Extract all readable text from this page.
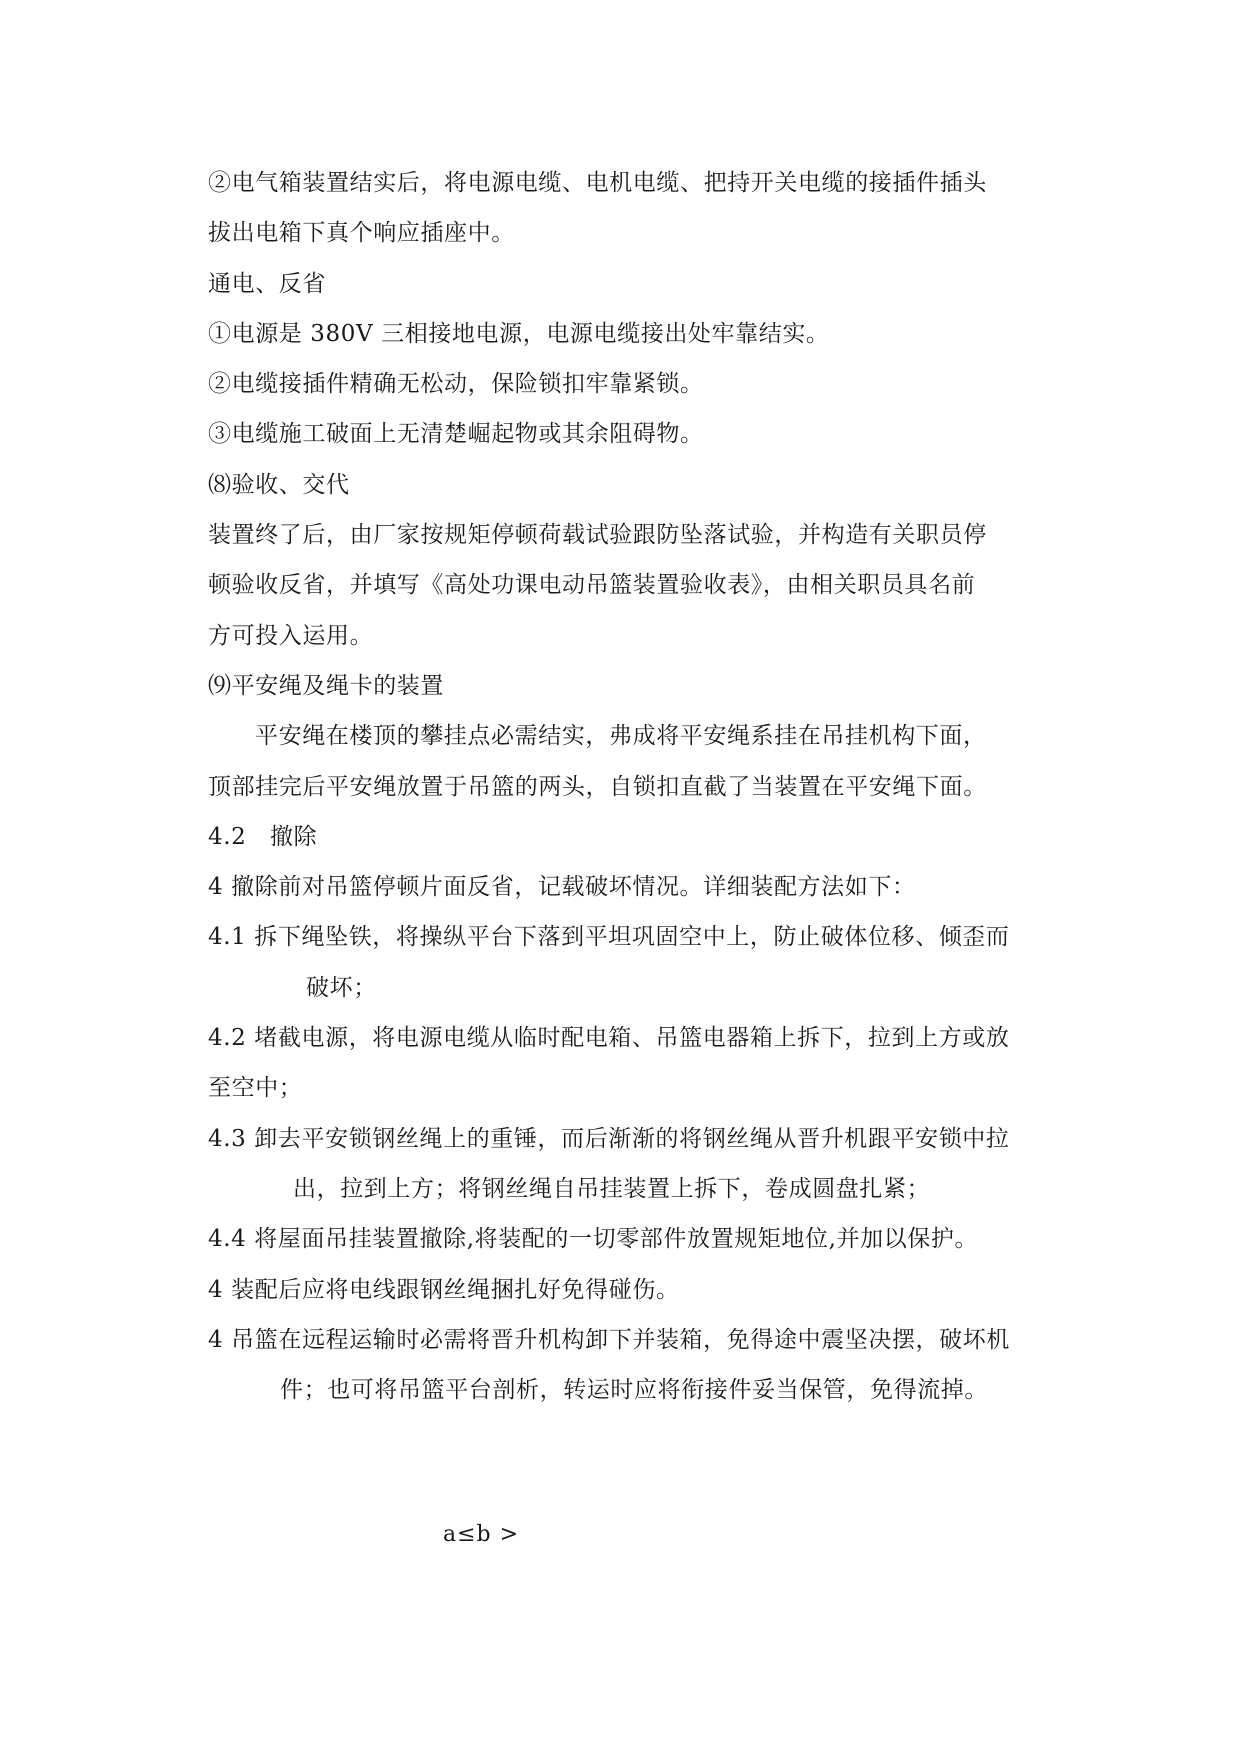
②电气箱装置结实后，将电源电缆、电机电缆、把持开关电缆的接插件插头
拔出电箱下真个响应插座中。
通电、反省
①电源是 380V 三相接地电源，电源电缆接出处牢靠结实。
②电缆接插件精确无松动，保险锁扣牢靠紧锁。
③电缆施工破面上无清楚崛起物或其余阻碍物。
⑻验收、交代
装置终了后，由厂家按规矩停顿荷载试验跟防坠落试验，并构造有关职员停
顿验收反省，并填写《高处功课电动吊篮装置验收表》，由相关职员具名前
方可投入运用。
⑼平安绳及绳卡的装置
平安绳在楼顶的攀挂点必需结实，弗成将平安绳系挂在吊挂机构下面，
顶部挂完后平安绳放置于吊篮的两头，自锁扣直截了当装置在平安绳下面。
4.2　撤除
4 撤除前对吊篮停顿片面反省，记载破坏情况。详细装配方法如下：
4.1 拆下绳坠铁，将操纵平台下落到平坦巩固空中上，防止破体位移、倾歪而
破坏；
4.2 堵截电源，将电源电缆从临时配电箱、吊篮电器箱上拆下，拉到上方或放
至空中；
4.3 卸去平安锁钢丝绳上的重锤，而后渐渐的将钢丝绳从晋升机跟平安锁中拉
出，拉到上方；将钢丝绳自吊挂装置上拆下，卷成圆盘扎紧；
4.4 将屋面吊挂装置撤除,将装配的一切零部件放置规矩地位,并加以保护。
4 装配后应将电线跟钢丝绳捆扎好免得碰伤。
4 吊篮在远程运输时必需将晋升机构卸下并装箱，免得途中震坚决摆，破坏机
件；也可将吊篮平台剖析，转运时应将衔接件妥当保管，免得流掉。
a≤b >
